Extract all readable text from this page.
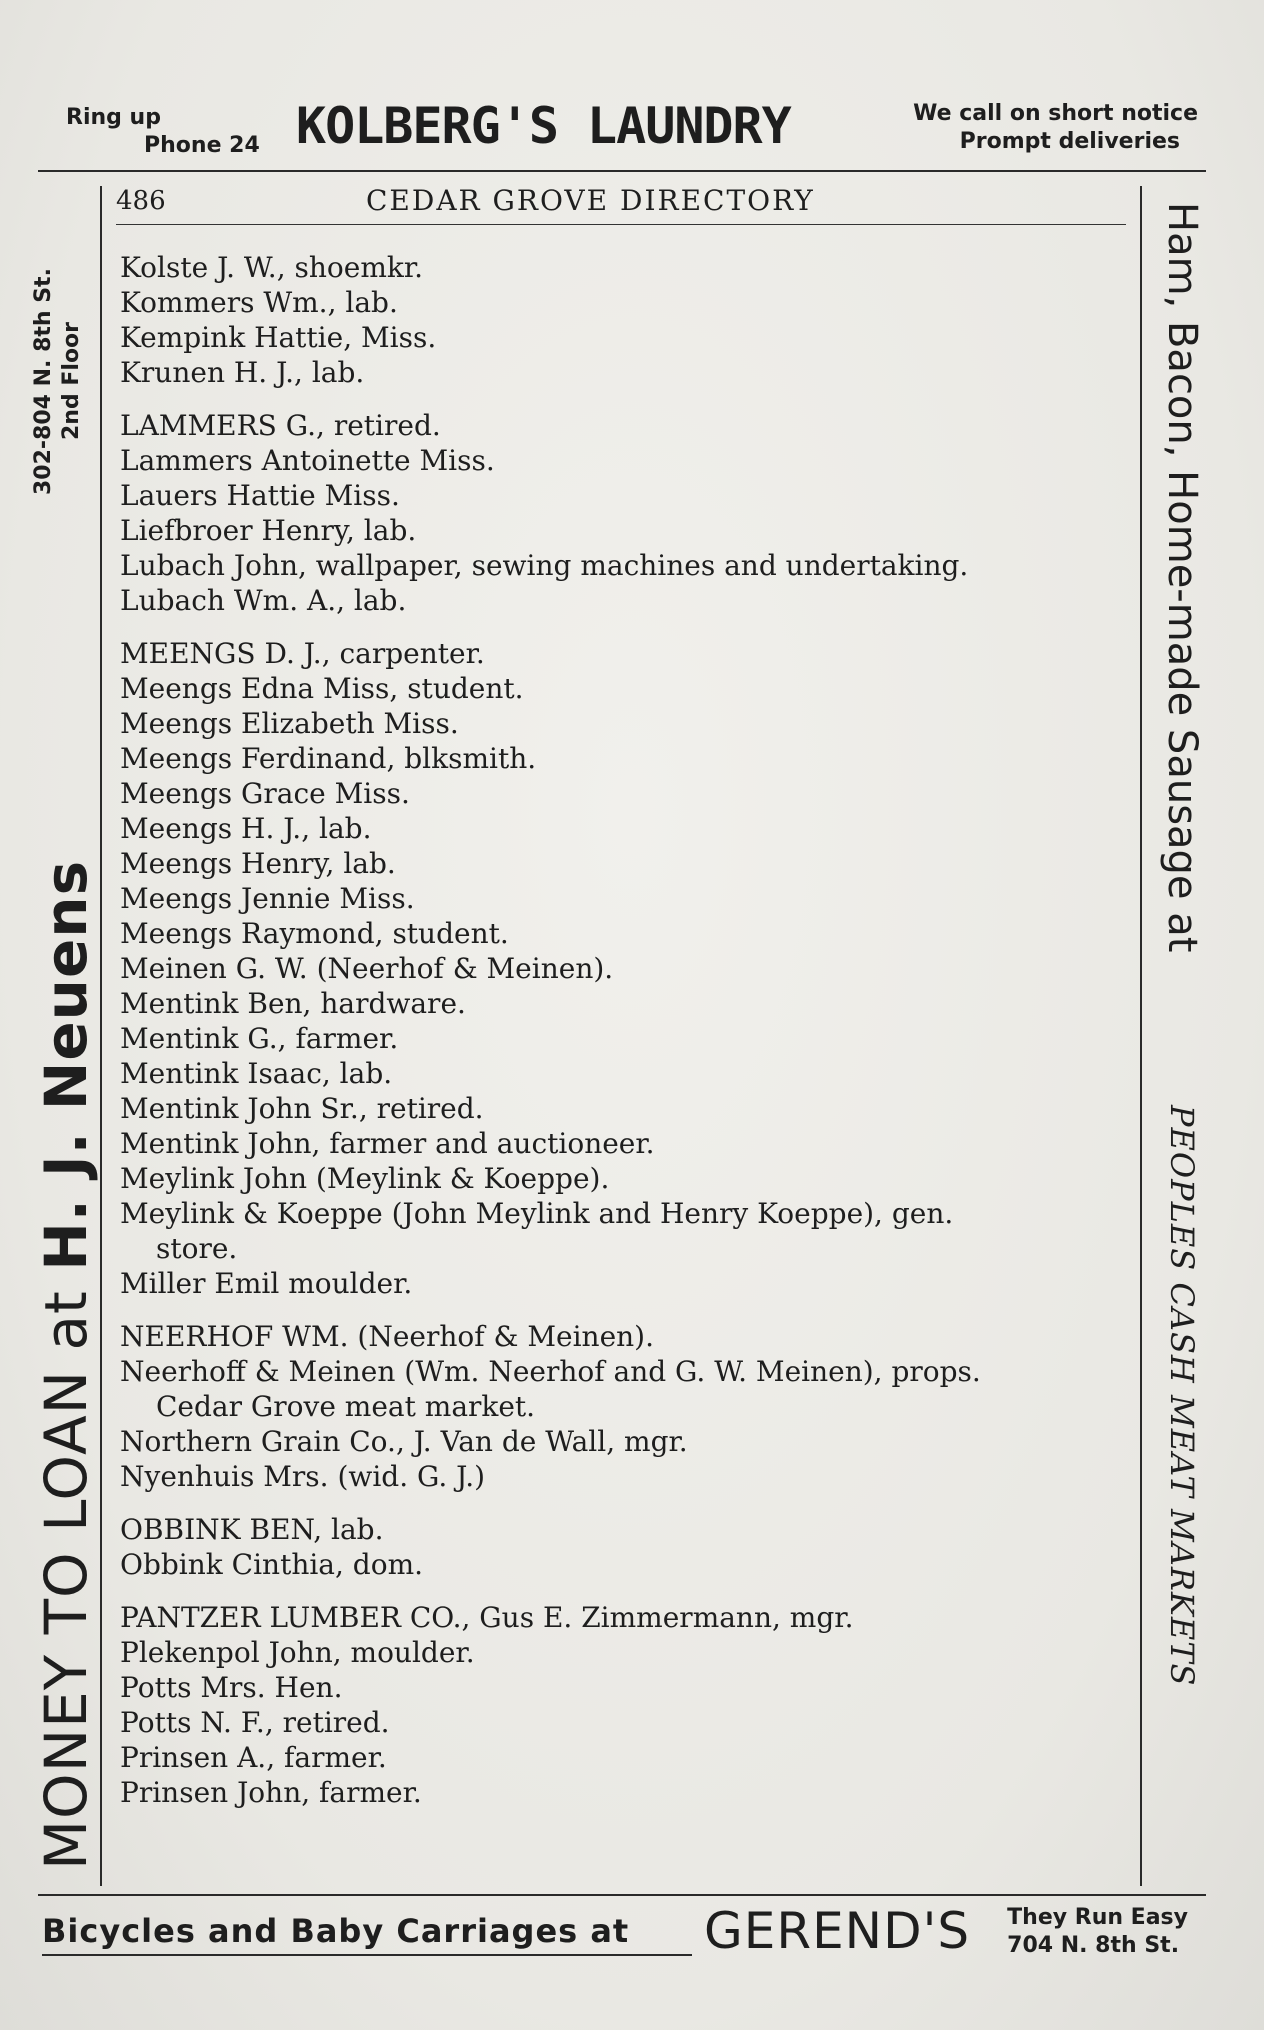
Ring up
Phone 24 KOLBERG'S LAUNDRY	We call on short notice
Prompt deliveries
MONEY TO LOAN at H. J. Neuens
302-804 N. 8th St. 2nd Floor	Ham, Bacon, Home-made Sausage at
PEOPLES CASH MEAT MARKETS
486	CEDAR GROVE DIRECTORY
Kolste J. W., shoemkr.
Kommers Wm., lab.
Kempink Hattie, Miss.
Krunen H. J., lab.
LAMMERS G., retired.
Lammers Antoinette Miss.
Lauers Hattie Miss.
Liefbroer Henry, lab.
Lubach John, wallpaper, sewing machines and undertaking.
Lubach Wm. A., lab.
MEENGS D. J., carpenter.
Meengs Edna Miss, student.
Meengs Elizabeth Miss.
Meengs Ferdinand, blksmith.
Meengs Grace Miss.
Meengs H. J., lab.
Meengs Henry, lab.
Meengs Jennie Miss.
Meengs Raymond, student.
Meinen G. W. (Neerhof & Meinen).
Mentink Ben, hardware.
Mentink G., farmer.
Mentink Isaac, lab.
Mentink John Sr., retired.
Mentink John, farmer and auctioneer.
Meylink John (Meylink & Koeppe).
Meylink & Koeppe (John Meylink and Henry Koeppe), gen.
store.
Miller Emil moulder.
NEERHOF WM. (Neerhof & Meinen).
Neerhoff & Meinen (Wm. Neerhof and G. W. Meinen), props.
Cedar Grove meat market.
Northern Grain Co., J. Van de Wall, mgr.
Nyenhuis Mrs. (wid. G. J.)
OBBINK BEN, lab.
Obbink Cinthia, dom.
PANTZER LUMBER CO., Gus E. Zimmermann, mgr.
Plekenpol John, moulder.
Potts Mrs. Hen.
Potts N. F., retired.
Prinsen A., farmer.
Prinsen John, farmer.
Bicycles and Baby Carriages at GEREND'S They Run Easy
704 N. 8th St.
